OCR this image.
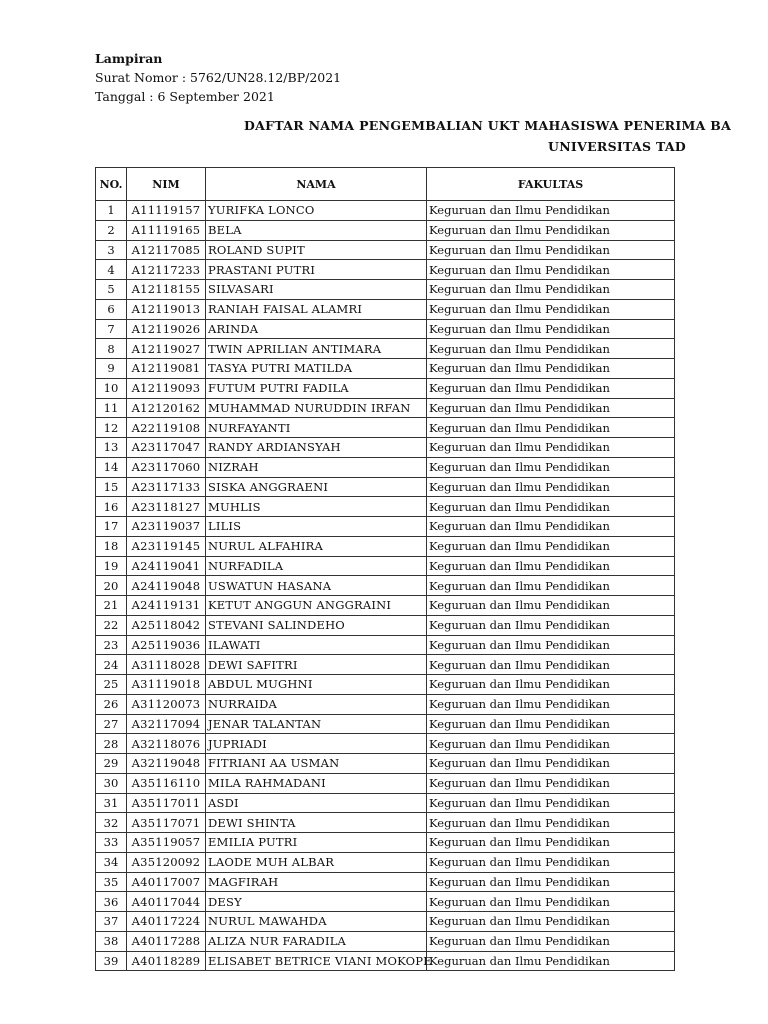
Lampiran
Surat Nomor : 5762/UN28.12/BP/2021
Tanggal : 6 September 2021
DAFTAR NAMA PENGEMBALIAN UKT MAHASISWA PENERIMA BA
UNIVERSITAS TAD
NO.	NIM	NAMA	FAKULTAS
1	A11119157	YURIFKA LONCO	Keguruan dan Ilmu Pendidikan
2	A11119165	BELA	Keguruan dan Ilmu Pendidikan
3	A12117085	ROLAND SUPIT	Keguruan dan Ilmu Pendidikan
4	A12117233	PRASTANI PUTRI	Keguruan dan Ilmu Pendidikan
5	A12118155	SILVASARI	Keguruan dan Ilmu Pendidikan
6	A12119013	RANIAH FAISAL ALAMRI	Keguruan dan Ilmu Pendidikan
7	A12119026	ARINDA	Keguruan dan Ilmu Pendidikan
8	A12119027	TWIN APRILIAN ANTIMARA	Keguruan dan Ilmu Pendidikan
9	A12119081	TASYA PUTRI MATILDA	Keguruan dan Ilmu Pendidikan
10	A12119093	FUTUM PUTRI FADILA	Keguruan dan Ilmu Pendidikan
11	A12120162	MUHAMMAD NURUDDIN IRFAN	Keguruan dan Ilmu Pendidikan
12	A22119108	NURFAYANTI	Keguruan dan Ilmu Pendidikan
13	A23117047	RANDY ARDIANSYAH	Keguruan dan Ilmu Pendidikan
14	A23117060	NIZRAH	Keguruan dan Ilmu Pendidikan
15	A23117133	SISKA ANGGRAENI	Keguruan dan Ilmu Pendidikan
16	A23118127	MUHLIS	Keguruan dan Ilmu Pendidikan
17	A23119037	LILIS	Keguruan dan Ilmu Pendidikan
18	A23119145	NURUL ALFAHIRA	Keguruan dan Ilmu Pendidikan
19	A24119041	NURFADILA	Keguruan dan Ilmu Pendidikan
20	A24119048	USWATUN HASANA	Keguruan dan Ilmu Pendidikan
21	A24119131	KETUT ANGGUN ANGGRAINI	Keguruan dan Ilmu Pendidikan
22	A25118042	STEVANI SALINDEHO	Keguruan dan Ilmu Pendidikan
23	A25119036	ILAWATI	Keguruan dan Ilmu Pendidikan
24	A31118028	DEWI SAFITRI	Keguruan dan Ilmu Pendidikan
25	A31119018	ABDUL MUGHNI	Keguruan dan Ilmu Pendidikan
26	A31120073	NURRAIDA	Keguruan dan Ilmu Pendidikan
27	A32117094	JENAR TALANTAN	Keguruan dan Ilmu Pendidikan
28	A32118076	JUPRIADI	Keguruan dan Ilmu Pendidikan
29	A32119048	FITRIANI AA USMAN	Keguruan dan Ilmu Pendidikan
30	A35116110	MILA RAHMADANI	Keguruan dan Ilmu Pendidikan
31	A35117011	ASDI	Keguruan dan Ilmu Pendidikan
32	A35117071	DEWI SHINTA	Keguruan dan Ilmu Pendidikan
33	A35119057	EMILIA PUTRI	Keguruan dan Ilmu Pendidikan
34	A35120092	LAODE MUH ALBAR	Keguruan dan Ilmu Pendidikan
35	A40117007	MAGFIRAH	Keguruan dan Ilmu Pendidikan
36	A40117044	DESY	Keguruan dan Ilmu Pendidikan
37	A40117224	NURUL MAWAHDA	Keguruan dan Ilmu Pendidikan
38	A40117288	ALIZA NUR FARADILA	Keguruan dan Ilmu Pendidikan
39	A40118289	ELISABET BETRICE VIANI MOKOPE	Keguruan dan Ilmu Pendidikan
